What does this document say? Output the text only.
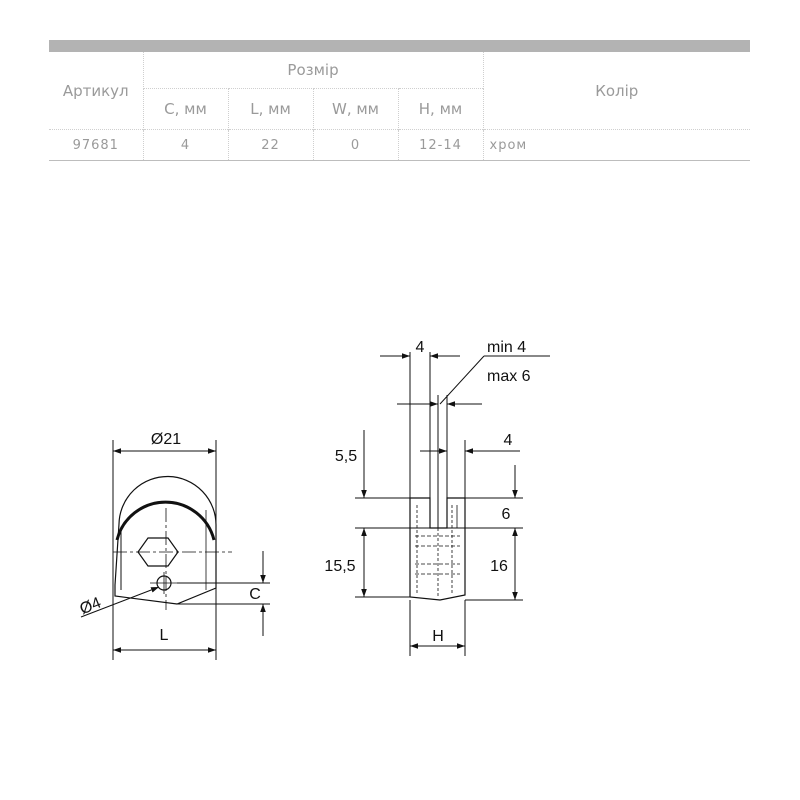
Артикул	Розмір				Колір
	C, мм	L, мм	W, мм	H, мм	
97681	4	22	0	12-14	хром
Ø21
Ø4
L
C
4	min 4
max 6
4
5,5
15,5
6
16
H
